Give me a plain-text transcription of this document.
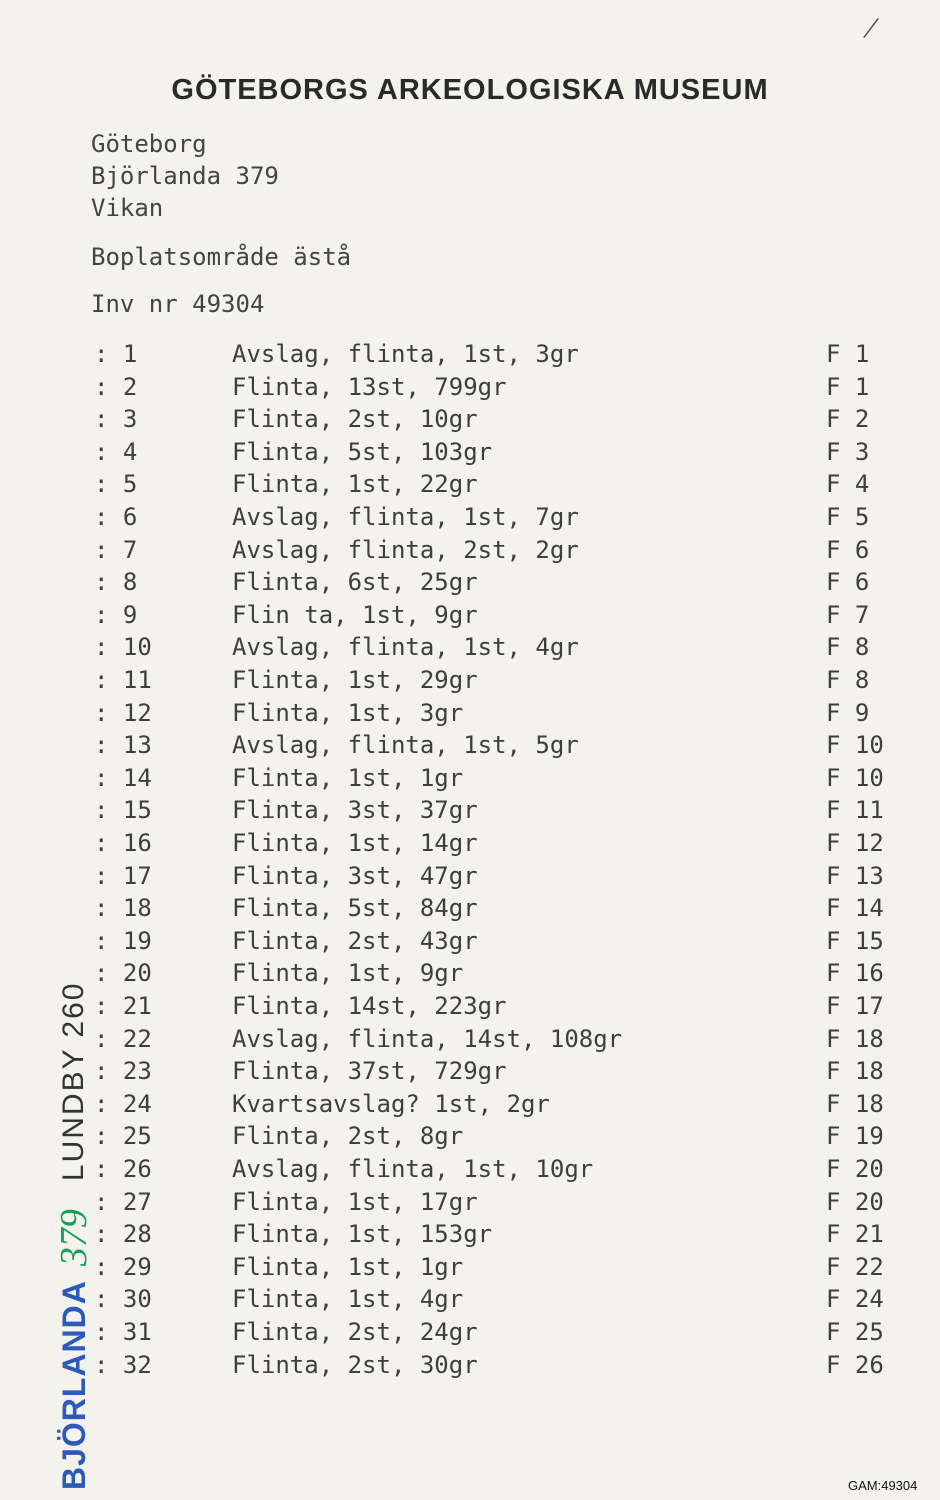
/
GÖTEBORGS ARKEOLOGISKA MUSEUM
Göteborg
Björlanda 379
Vikan
Boplatsområde ästå
Inv nr 49304
: 1	Avslag, flinta, 1st, 3gr	F 1
: 2	Flinta, 13st, 799gr	F 1
: 3	Flinta, 2st, 10gr	F 2
: 4	Flinta, 5st, 103gr	F 3
: 5	Flinta, 1st, 22gr	F 4
: 6	Avslag, flinta, 1st, 7gr	F 5
: 7	Avslag, flinta, 2st, 2gr	F 6
: 8	Flinta, 6st, 25gr	F 6
: 9	Flin ta, 1st, 9gr	F 7
: 10	Avslag, flinta, 1st, 4gr	F 8
: 11	Flinta, 1st, 29gr	F 8
: 12	Flinta, 1st, 3gr	F 9
: 13	Avslag, flinta, 1st, 5gr	F 10
: 14	Flinta, 1st, 1gr	F 10
: 15	Flinta, 3st, 37gr	F 11
: 16	Flinta, 1st, 14gr	F 12
: 17	Flinta, 3st, 47gr	F 13
: 18	Flinta, 5st, 84gr	F 14
: 19	Flinta, 2st, 43gr	F 15
: 20	Flinta, 1st, 9gr	F 16
: 21	Flinta, 14st, 223gr	F 17
: 22	Avslag, flinta, 14st, 108gr	F 18
: 23	Flinta, 37st, 729gr	F 18
: 24	Kvartsavslag? 1st, 2gr	F 18
: 25	Flinta, 2st, 8gr	F 19
: 26	Avslag, flinta, 1st, 10gr	F 20
: 27	Flinta, 1st, 17gr	F 20
: 28	Flinta, 1st, 153gr	F 21
: 29	Flinta, 1st, 1gr	F 22
: 30	Flinta, 1st, 4gr	F 24
: 31	Flinta, 2st, 24gr	F 25
: 32	Flinta, 2st, 30gr	F 26
BJÖRLANDA
379
LUNDBY 260
GAM:49304
